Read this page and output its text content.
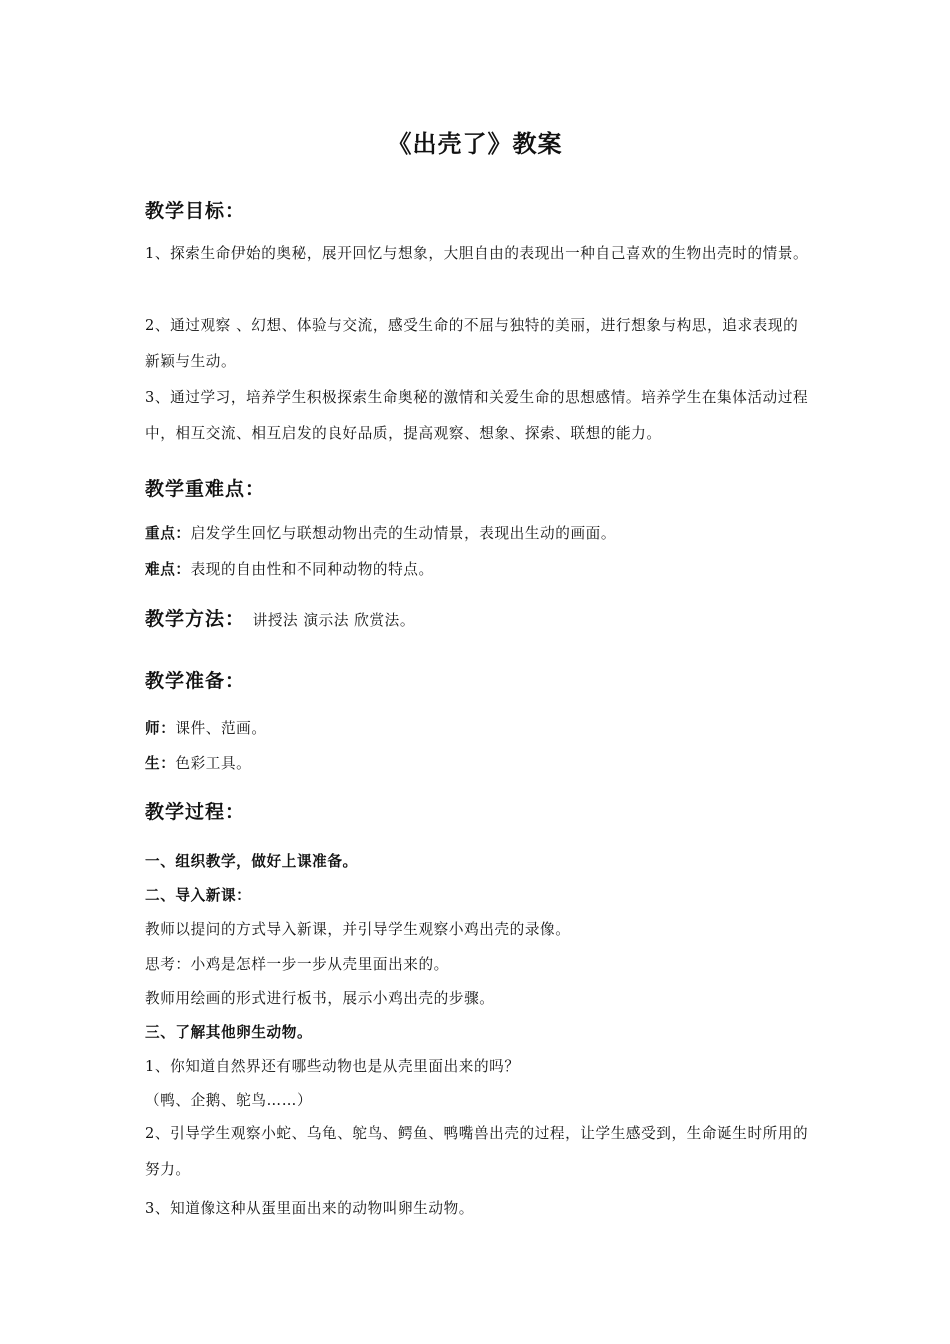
《出壳了》教案
教学目标：
1、探索生命伊始的奥秘，展开回忆与想象，大胆自由的表现出一种自己喜欢的生物出壳时的情景。
2、通过观察 、幻想、体验与交流，感受生命的不屈与独特的美丽，进行想象与构思，追求表现的新颖与生动。
3、通过学习，培养学生积极探索生命奥秘的激情和关爱生命的思想感情。培养学生在集体活动过程中，相互交流、相互启发的良好品质，提高观察、想象、探索、联想的能力。
教学重难点：
重点：启发学生回忆与联想动物出壳的生动情景，表现出生动的画面。
难点：表现的自由性和不同种动物的特点。
教学方法： 讲授法 演示法 欣赏法。
教学准备：
师：课件、范画。
生：色彩工具。
教学过程：
一、组织教学，做好上课准备。
二、导入新课：
教师以提问的方式导入新课，并引导学生观察小鸡出壳的录像。
思考：小鸡是怎样一步一步从壳里面出来的。
教师用绘画的形式进行板书，展示小鸡出壳的步骤。
三、了解其他卵生动物。
1、你知道自然界还有哪些动物也是从壳里面出来的吗？
（鸭、企鹅、鸵鸟……）
2、引导学生观察小蛇、乌龟、鸵鸟、鳄鱼、鸭嘴兽出壳的过程，让学生感受到，生命诞生时所用的努力。
3、知道像这种从蛋里面出来的动物叫卵生动物。
